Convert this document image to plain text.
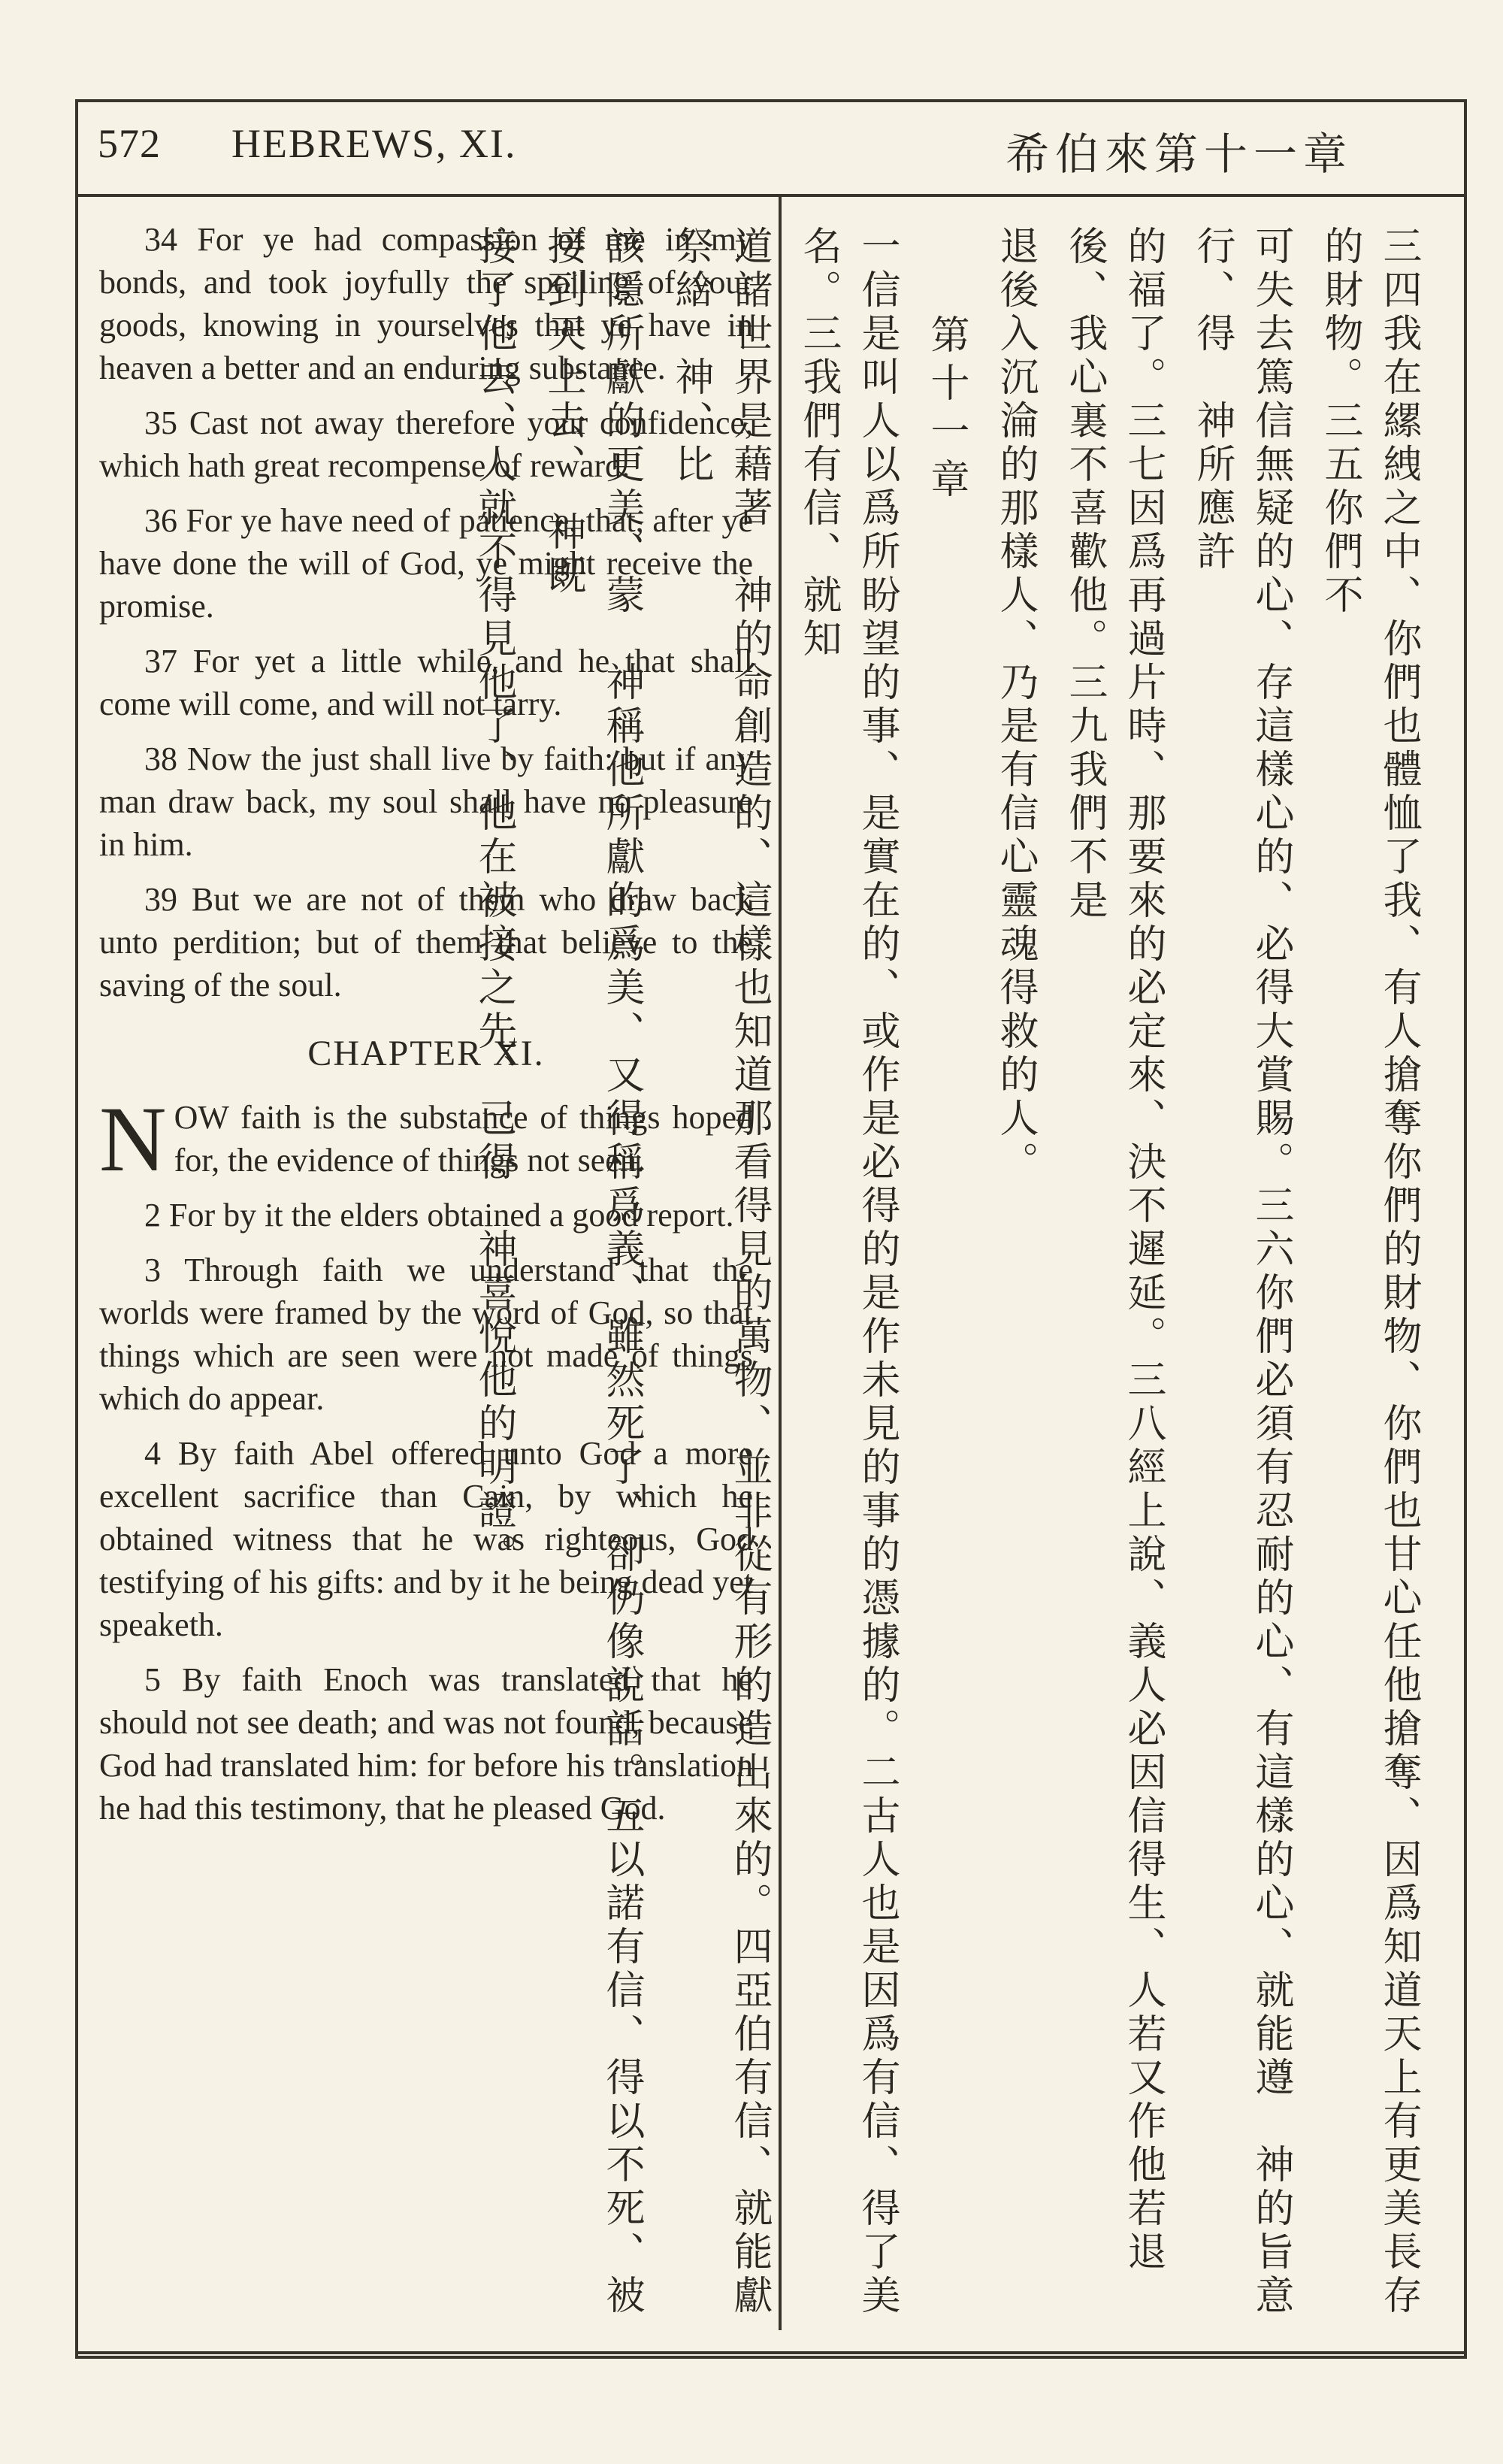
572 HEBREWS, XI.	希伯來第十一章

34 For ye had compassion of me in my bonds, and took joyfully the spoiling of your goods, knowing in yourselves that ye have in heaven a better and an enduring substance.

35 Cast not away therefore your confidence, which hath great recompense of reward.

36 For ye have need of patience, that, after ye have done the will of God, ye might receive the promise.

37 For yet a little while, and he that shall come will come, and will not tarry.

38 Now the just shall live by faith: but if any man draw back, my soul shall have no pleasure in him.

39 But we are not of them who draw back unto perdition; but of them that believe to the saving of the soul.

CHAPTER XI.

NOW faith is the substance of things hoped for, the evidence of things not seen.

2 For by it the elders obtained a good report.

3 Through faith we understand that the worlds were framed by the word of God, so that things which are seen were not made of things which do appear.

4 By faith Abel offered unto God a more excellent sacrifice than Cain, by which he obtained witness that he was righteous, God testifying of his gifts: and by it he being dead yet speaketh.

5 By faith Enoch was translated that he should not see death; and was not found, because God had translated him: for before his translation he had this testimony, that he pleased God.	三四我在縲絏之中、你們也體恤了我、有人搶奪你們的財物、你們也甘心任他搶奪、因爲知道天上有更美長存的財物。三五你們不

可失去篤信無疑的心、存這樣心的、必得大賞賜。三六你們必須有忍耐的心、有這樣的心、就能遵　神的旨意行、得　神所應許

的福了。三七因爲再過片時、那要來的必定來、決不遲延。三八經上說、義人必因信得生、人若又作他若退後、我心裏不喜歡他。三九我們不是

退後入沉淪的那樣人、乃是有信心靈魂得救的人。

第十一章

一信是叫人以爲所盼望的事、是實在的、或作是必得的是作未見的事的憑據的。二古人也是因爲有信、得了美名。三我們有信、就知

道諸世界是藉著　神的命創造的、這樣也知道那看得見的萬物、並非從有形的造出來的。四亞伯有信、就能獻祭給　神、比

該隱所獻的更美、蒙　神稱他所獻的爲美、又得稱爲義、雖然死了、卻仍像說話。五以諾有信、得以不死、被接到天上去、　神既

接了他去、人就不得見他了、他在被接之先、已得　神喜悅他的明證。
